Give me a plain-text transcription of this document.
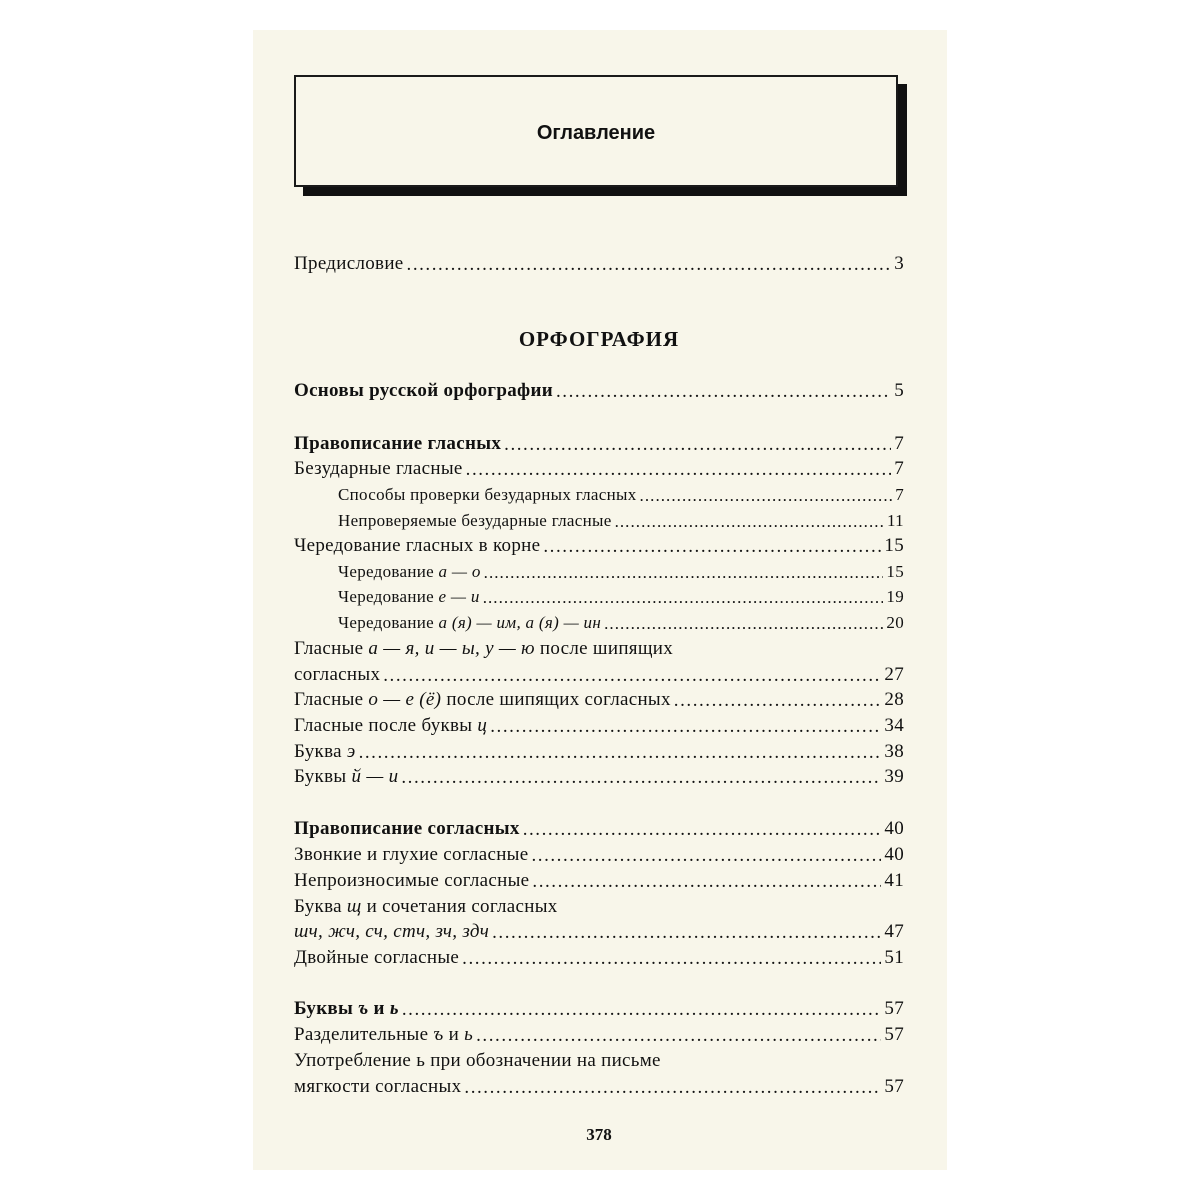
Оглавление
Предисловие . . .	3
ОРФОГРАФИЯ
Основы русской орфографии . . .	5
Правописание гласных . . .	7
Безударные гласные . . .	7
Способы проверки безударных гласных . . .	7
Непроверяемые безударные гласные . . .	11
Чередование гласных в корне . . .	15
Чередование а — о . . .	15
Чередование е — и . . .	19
Чередование а (я) — им, а (я) — ин . . .	20
Гласные а — я, и — ы, у — ю после шипящих
согласных . . .	27
Гласные о — е (ё) после шипящих согласных . . .	28
Гласные после буквы ц . . .	34
Буква э . . .	38
Буквы й — и . . .	39
Правописание согласных . . .	40
Звонкие и глухие согласные . . .	40
Непроизносимые согласные . . .	41
Буква щ и сочетания согласных
шч, жч, сч, стч, зч, здч . . .	47
Двойные согласные . . .	51
Буквы ъ и ь . . .	57
Разделительные ъ и ь . . .	57
Употребление ь при обозначении на письме
мягкости согласных . . .	57
378
